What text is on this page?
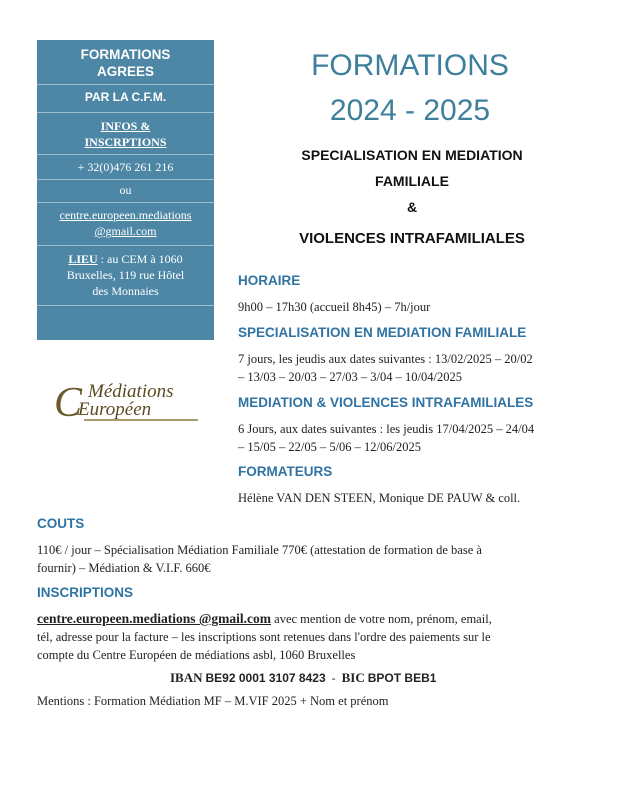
FORMATIONS
AGREES
PAR LA C.F.M.
INFOS &
INSCRPTIONS
+ 32(0)476 261 216
ou
centre.europeen.mediations
@gmail.com
LIEU : au CEM à 1060
Bruxelles, 119 rue Hôtel
des Monnaies
C Médiations
Européen
FORMATIONS
2024 - 2025
SPECIALISATION EN MEDIATION
FAMILIALE
&
VIOLENCES INTRAFAMILIALES
HORAIRE
9h00 – 17h30 (accueil 8h45) – 7h/jour
SPECIALISATION EN MEDIATION FAMILIALE
7 jours, les jeudis aux dates suivantes : 13/02/2025 – 20/02
– 13/03 – 20/03 – 27/03 – 3/04 – 10/04/2025
MEDIATION & VIOLENCES INTRAFAMILIALES
6 Jours, aux dates suivantes : les jeudis 17/04/2025 – 24/04
– 15/05 – 22/05 – 5/06 – 12/06/2025
FORMATEURS
Hélène VAN DEN STEEN, Monique DE PAUW & coll.
COUTS
110€ / jour – Spécialisation Médiation Familiale 770€ (attestation de formation de base à
fournir) – Médiation & V.I.F. 660€
INSCRIPTIONS
centre.europeen.mediations @gmail.com avec mention de votre nom, prénom, email,
tél, adresse pour la facture – les inscriptions sont retenues dans l'ordre des paiements sur le
compte du Centre Européen de médiations asbl, 1060 Bruxelles
IBAN BE92 0001 3107 8423  -  BIC BPOT BEB1
Mentions : Formation Médiation MF – M.VIF 2025 + Nom et prénom
